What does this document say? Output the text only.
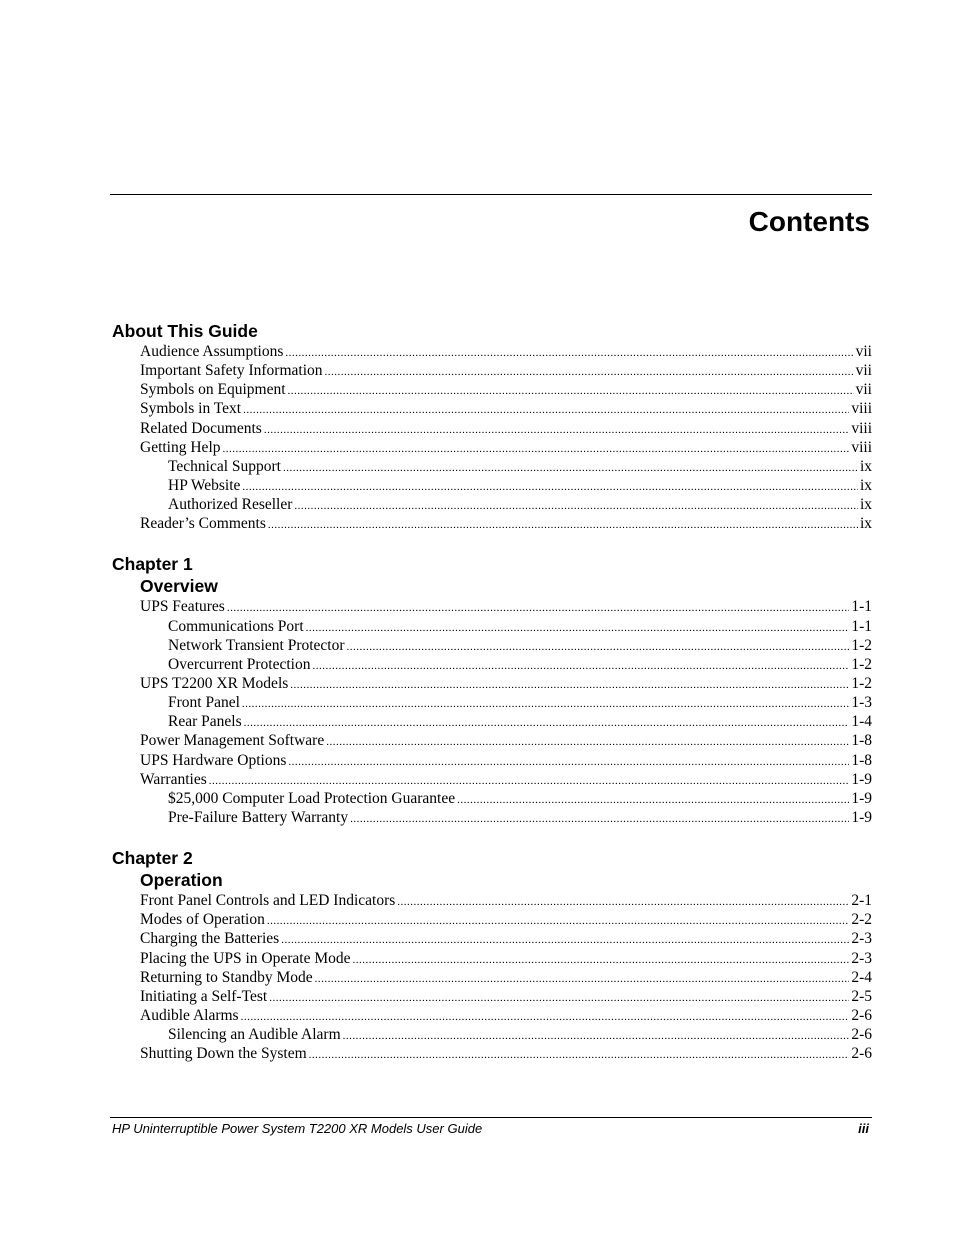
Contents
About This Guide
Audience Assumptions .....	vii
Important Safety Information .....	vii
Symbols on Equipment .....	vii
Symbols in Text .....	viii
Related Documents .....	viii
Getting Help .....	viii
Technical Support .....	ix
HP Website .....	ix
Authorized Reseller .....	ix
Reader’s Comments .....	ix
Chapter 1
Overview
UPS Features .....	1-1
Communications Port .....	1-1
Network Transient Protector .....	1-2
Overcurrent Protection .....	1-2
UPS T2200 XR Models .....	1-2
Front Panel .....	1-3
Rear Panels .....	1-4
Power Management Software .....	1-8
UPS Hardware Options .....	1-8
Warranties .....	1-9
$25,000 Computer Load Protection Guarantee .....	1-9
Pre-Failure Battery Warranty .....	1-9
Chapter 2
Operation
Front Panel Controls and LED Indicators .....	2-1
Modes of Operation .....	2-2
Charging the Batteries .....	2-3
Placing the UPS in Operate Mode .....	2-3
Returning to Standby Mode .....	2-4
Initiating a Self-Test .....	2-5
Audible Alarms .....	2-6
Silencing an Audible Alarm .....	2-6
Shutting Down the System .....	2-6
HP Uninterruptible Power System T2200 XR Models User Guide	iii
